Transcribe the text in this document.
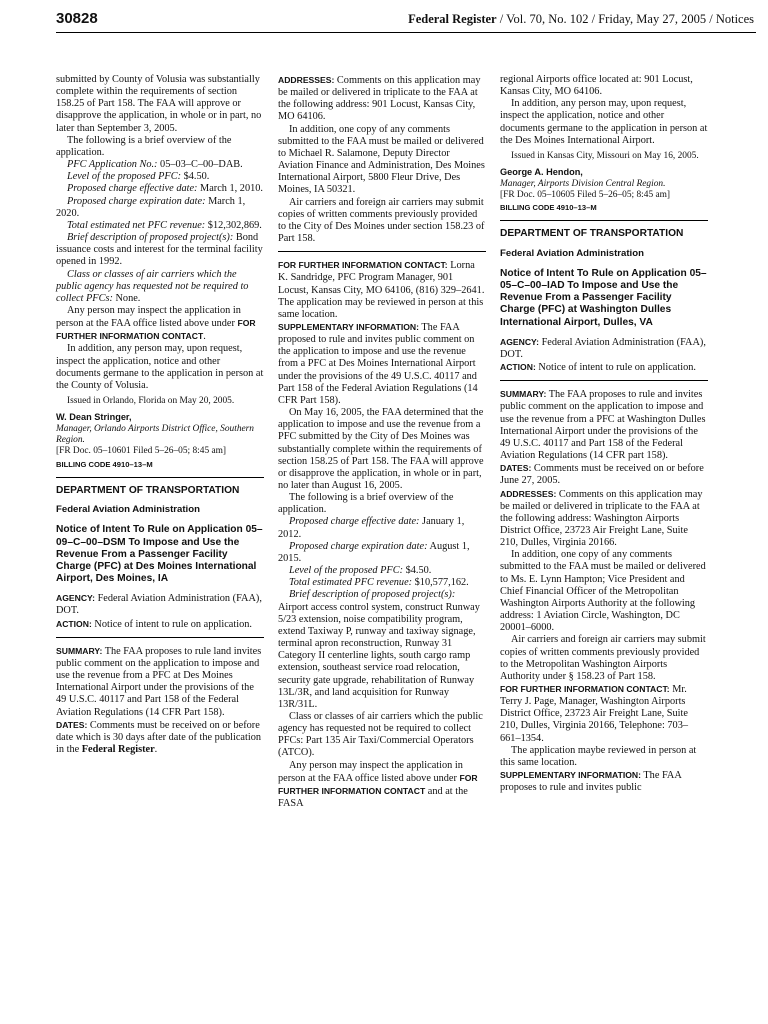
30828	Federal Register / Vol. 70, No. 102 / Friday, May 27, 2005 / Notices

submitted by County of Volusia was substantially complete within the requirements of section 158.25 of Part 158. The FAA will approve or disapprove the application, in whole or in part, no later than September 3, 2005.

The following is a brief overview of the application.

PFC Application No.: 05–03–C–00–DAB.

Level of the proposed PFC: $4.50.

Proposed charge effective date: March 1, 2010.

Proposed charge expiration date: March 1, 2020.

Total estimated net PFC revenue: $12,302,869.

Brief description of proposed project(s): Bond issuance costs and interest for the terminal facility opened in 1992.

Class or classes of air carriers which the public agency has requested not be required to collect PFCs: None.

Any person may inspect the application in person at the FAA office listed above under FOR FURTHER INFORMATION CONTACT.

In addition, any person may, upon request, inspect the application, notice and other documents germane to the application in person at the County of Volusia.

Issued in Orlando, Florida on May 20, 2005.

W. Dean Stringer,

Manager, Orlando Airports District Office, Southern Region.

[FR Doc. 05–10601 Filed 5–26–05; 8:45 am]

BILLING CODE 4910–13–M

DEPARTMENT OF TRANSPORTATION

Federal Aviation Administration

Notice of Intent To Rule on Application 05–09–C–00–DSM To Impose and Use the Revenue From a Passenger Facility Charge (PFC) at Des Moines International Airport, Des Moines, IA

AGENCY: Federal Aviation Administration (FAA), DOT.

ACTION: Notice of intent to rule on application.

SUMMARY: The FAA proposes to rule land invites public comment on the application to impose and use the revenue from a PFC at Des Moines International Airport under the provisions of the 49 U.S.C. 40117 and Part 158 of the Federal Aviation Regulations (14 CFR Part 158).

DATES: Comments must be received on or before date which is 30 days after date of the publication in the Federal Register.

ADDRESSES: Comments on this application may be mailed or delivered in triplicate to the FAA at the following address: 901 Locust, Kansas City, MO 64106.

In addition, one copy of any comments submitted to the FAA must be mailed or delivered to Michael R. Salamone, Deputy Director Aviation Finance and Administration, Des Moines International Airport, 5800 Fleur Drive, Des Moines, IA 50321.

Air carriers and foreign air carriers may submit copies of written comments previously provided to the City of Des Moines under section 158.23 of Part 158.

FOR FURTHER INFORMATION CONTACT: Lorna K. Sandridge, PFC Program Manager, 901 Locust, Kansas City, MO 64106, (816) 329–2641. The application may be reviewed in person at this same location.

SUPPLEMENTARY INFORMATION: The FAA proposed to rule and invites public comment on the application to impose and use the revenue from a PFC at Des Moines International Airport under the provisions of the 49 U.S.C. 40117 and Part 158 of the Federal Aviation Regulations (14 CFR Part 158).

On May 16, 2005, the FAA determined that the application to impose and use the revenue from a PFC submitted by the City of Des Moines was substantially complete within the requirements of section 158.25 of Part 158. The FAA will approve or disapprove the application, in whole or in part, no later than August 16, 2005.

The following is a brief overview of the application.

Proposed charge effective date: January 1, 2012.

Proposed charge expiration date: August 1, 2015.

Level of the proposed PFC: $4.50.

Total estimated PFC revenue: $10,577,162.

Brief description of proposed project(s): Airport access control system, construct Runway 5/23 extension, noise compatibility program, extend Taxiway P, runway and taxiway signage, terminal apron reconstruction, Runway 31 Category II centerline lights, south cargo ramp extension, southeast service road relocation, security gate upgrade, rehabilitation of Runway 13L/3R, and land acquisition for Runway 13R/31L.

Class or classes of air carriers which the public agency has requested not be required to collect PFCs: Part 135 Air Taxi/Commercial Operators (ATCO).

Any person may inspect the application in person at the FAA office listed above under FOR FURTHER INFORMATION CONTACT and at the FASA

regional Airports office located at: 901 Locust, Kansas City, MO 64106.

In addition, any person may, upon request, inspect the application, notice and other documents germane to the application in person at the Des Moines International Airport.

Issued in Kansas City, Missouri on May 16, 2005.

George A. Hendon,

Manager, Airports Division Central Region.

[FR Doc. 05–10605 Filed 5–26–05; 8:45 am]

BILLING CODE 4910–13–M

DEPARTMENT OF TRANSPORTATION

Federal Aviation Administration

Notice of Intent To Rule on Application 05–05–C–00–IAD To Impose and Use the Revenue From a Passenger Facility Charge (PFC) at Washington Dulles International Airport, Dulles, VA

AGENCY: Federal Aviation Administration (FAA), DOT.

ACTION: Notice of intent to rule on application.

SUMMARY: The FAA proposes to rule and invites public comment on the application to impose and use the revenue from a PFC at Washington Dulles International Airport under the provisions of the 49 U.S.C. 40117 and Part 158 of the Federal Aviation Regulations (14 CFR part 158).

DATES: Comments must be received on or before June 27, 2005.

ADDRESSES: Comments on this application may be mailed or delivered in triplicate to the FAA at the following address: Washington Airports District Office, 23723 Air Freight Lane, Suite 210, Dulles, Virginia 20166.

In addition, one copy of any comments submitted to the FAA must be mailed or delivered to Ms. E. Lynn Hampton; Vice President and Chief Financial Officer of the Metropolitan Washington Airports Authority at the following address: 1 Aviation Circle, Washington, DC 20001–6000.

Air carriers and foreign air carriers may submit copies of written comments previously provided to the Metropolitan Washington Airports Authority under § 158.23 of Part 158.

FOR FURTHER INFORMATION CONTACT: Mr. Terry J. Page, Manager, Washington Airports District Office, 23723 Air Freight Lane, Suite 210, Dulles, Virginia 20166, Telephone: 703–661–1354.

The application maybe reviewed in person at this same location.

SUPPLEMENTARY INFORMATION: The FAA proposes to rule and invites public
